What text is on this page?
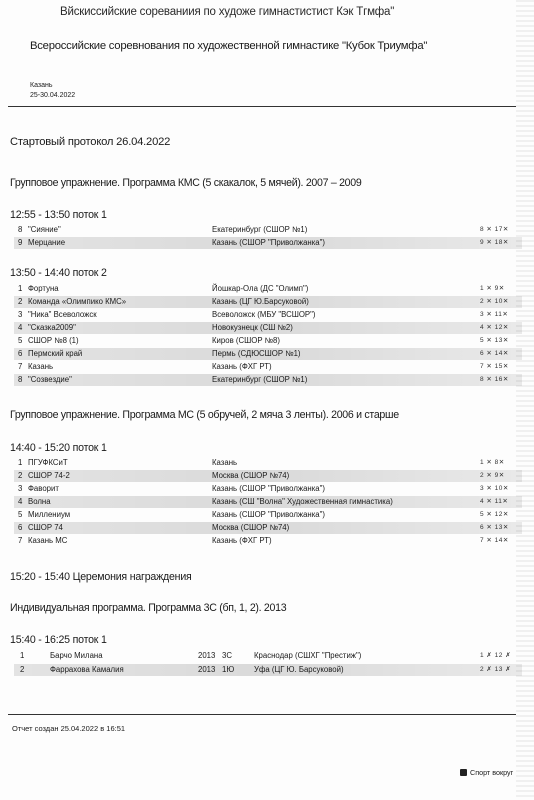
Вйскиссийские сореваниия по художе гимнастистист Кэк Тгмфа"
Всероссийские соревнования по художественной гимнастике "Кубок Триумфа"
Казань
25-30.04.2022
Стартовый протокол 26.04.2022
Групповое упражнение. Программа КМС (5 скакалок, 5 мячей). 2007 – 2009
12:55 - 13:50 поток 1
8 "Сияние"	Екатеринбург (СШОР №1)	8 ✕ 17✕
9 Мерцание	Казань (СШОР "Приволжанка")	9 ✕ 18✕
13:50 - 14:40 поток 2
1 Фортуна	Йошкар-Ола (ДС "Олимп")	1 ✕ 9✕
2 Команда «Олимпико КМС»	Казань (ЦГ Ю.Барсуковой)	2 ✕ 10✕
3 "Ника" Всеволожск	Всеволожск (МБУ "ВСШОР")	3 ✕ 11✕
4 "Сказка2009"	Новокузнецк (СШ №2)	4 ✕ 12✕
5 СШОР №8 (1)	Киров (СШОР №8)	5 ✕ 13✕
6 Пермский край	Пермь (СДЮСШОР №1)	6 ✕ 14✕
7 Казань	Казань (ФХГ РТ)	7 ✕ 15✕
8 "Созвездие"	Екатеринбург (СШОР №1)	8 ✕ 16✕
Групповое упражнение. Программа МС (5 обручей, 2 мяча 3 ленты). 2006 и старше
14:40 - 15:20 поток 1
1 ПГУФКСиТ	Казань	1 ✕ 8✕
2 СШОР 74-2	Москва (СШОР №74)	2 ✕ 9✕
3 Фаворит	Казань (СШОР "Приволжанка")	3 ✕ 10✕
4 Волна	Казань (СШ "Волна" Художественная гимнастика)	4 ✕ 11✕
5 Миллениум	Казань (СШОР "Приволжанка")	5 ✕ 12✕
6 СШОР 74	Москва (СШОР №74)	6 ✕ 13✕
7 Казань МС	Казань (ФХГ РТ)	7 ✕ 14✕
15:20 - 15:40 Церемония награждения
Индивидуальная программа. Программа 3С (бп, 1, 2). 2013
15:40 - 16:25 поток 1
1	Барчо Милана	2013 3С	Краснодар (СШХГ "Престиж")	1 ✗ 12 ✗
2	Фаррахова Камалия	2013 1Ю	Уфа (ЦГ Ю. Барсуковой)	2 ✗ 13 ✗
Отчет создан 25.04.2022 в 16:51
Спорт вокруг
